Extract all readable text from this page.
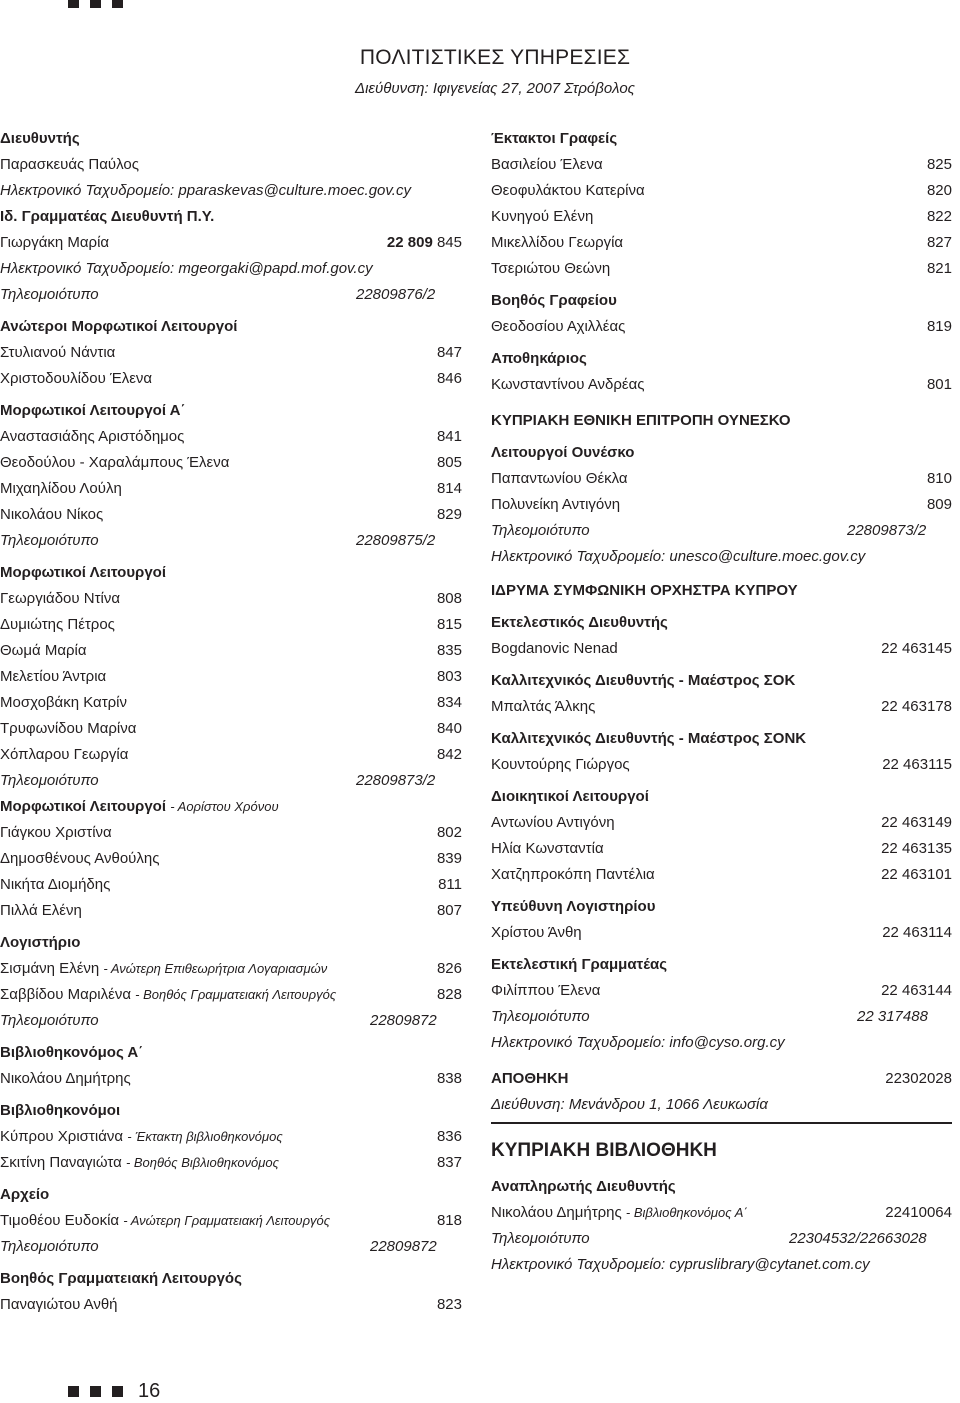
ΠΟΛΙΤΙΣΤΙΚΕΣ ΥΠΗΡΕΣΙΕΣ
Διεύθυνση: Ιφιγενείας 27, 2007 Στρόβολος
Διευθυντής
Παρασκευάς Παύλος
Ηλεκτρονικό Ταχυδρομείο: pparaskevas@culture.moec.gov.cy
Ιδ. Γραμματέας Διευθυντή Π.Υ.
Γιωργάκη Μαρία	22 809 845
Ηλεκτρονικό Ταχυδρομείο: mgeorgaki@papd.mof.gov.cy
Τηλεομοιότυπο	22809876/2
Ανώτεροι Μορφωτικοί Λειτουργοί
Στυλιανού Νάντια	847
Χριστοδουλίδου Έλενα	846
Μορφωτικοί Λειτουργοί Α΄
Αναστασιάδης Αριστόδημος	841
Θεοδούλου - Χαραλάμπους Έλενα	805
Μιχαηλίδου Λούλη	814
Νικολάου Νίκος	829
Τηλεομοιότυπο	22809875/2
Μορφωτικοί Λειτουργοί
Γεωργιάδου Ντίνα	808
Δυμιώτης Πέτρος	815
Θωμά Μαρία	835
Μελετίου Άντρια	803
Μοσχοβάκη Κατρίν	834
Τρυφωνίδου Μαρίνα	840
Χόπλαρου Γεωργία	842
Τηλεομοιότυπο	22809873/2
Μορφωτικοί Λειτουργοί - Αορίστου Χρόνου
Γιάγκου Χριστίνα	802
Δημοσθένους Ανθούλης	839
Νικήτα Διομήδης	811
Πιλλά Ελένη	807
Λογιστήριο
Σισμάνη Ελένη - Ανώτερη Επιθεωρήτρια Λογαριασμών	826
Σαββίδου Μαριλένα - Βοηθός Γραμματειακή Λειτουργός	828
Τηλεομοιότυπο	22809872
Βιβλιοθηκονόμος Α΄
Νικολάου Δημήτρης	838
Βιβλιοθηκονόμοι
Κύπρου Χριστιάνα - Έκτακτη βιβλιοθηκονόμος	836
Σκιτίνη Παναγιώτα - Βοηθός Βιβλιοθηκονόμος	837
Αρχείο
Τιμοθέου Ευδοκία - Ανώτερη Γραμματειακή Λειτουργός	818
Τηλεομοιότυπο	22809872
Βοηθός Γραμματειακή Λειτουργός
Παναγιώτου Ανθή	823
Έκτακτοι Γραφείς
Βασιλείου Έλενα	825
Θεοφυλάκτου Κατερίνα	820
Κυνηγού Ελένη	822
Μικελλίδου Γεωργία	827
Τσεριώτου Θεώνη	821
Βοηθός Γραφείου
Θεοδοσίου Αχιλλέας	819
Αποθηκάριος
Κωνσταντίνου Ανδρέας	801
ΚΥΠΡΙΑΚΗ ΕΘΝΙΚΗ ΕΠΙΤΡΟΠΗ ΟΥΝΕΣΚΟ
Λειτουργοί Ουνέσκο
Παπαντωνίου Θέκλα	810
Πολυνείκη Αντιγόνη	809
Τηλεομοιότυπο	22809873/2
Ηλεκτρονικό Ταχυδρομείο: unesco@culture.moec.gov.cy
ΙΔΡΥΜΑ ΣΥΜΦΩΝΙΚΗ ΟΡΧΗΣΤΡΑ ΚΥΠΡΟΥ
Εκτελεστικός Διευθυντής
Bogdanovic Nenad	22 463145
Καλλιτεχνικός Διευθυντής - Μαέστρος ΣΟΚ
Μπαλτάς Άλκης	22 463178
Καλλιτεχνικός Διευθυντής - Μαέστρος ΣΟΝΚ
Κουντούρης Γιώργος	22 463115
Διοικητικοί Λειτουργοί
Αντωνίου Αντιγόνη	22 463149
Ηλία Κωνσταντία	22 463135
Χατζηπροκόπη Παντέλια	22 463101
Υπεύθυνη Λογιστηρίου
Χρίστου Άνθη	22 463114
Εκτελεστική Γραμματέας
Φιλίππου Έλενα	22 463144
Τηλεομοιότυπο	22 317488
Ηλεκτρονικό Ταχυδρομείο: info@cyso.org.cy
ΑΠΟΘΗΚΗ	22302028
Διεύθυνση: Μενάνδρου 1, 1066 Λευκωσία
ΚΥΠΡΙΑΚΗ ΒΙΒΛΙΟΘΗΚΗ
Αναπληρωτής Διευθυντής
Νικολάου Δημήτρης - Βιβλιοθηκονόμος Α΄	22410064
Τηλεομοιότυπο	22304532/22663028
Ηλεκτρονικό Ταχυδρομείο: cypruslibrary@cytanet.com.cy
16
